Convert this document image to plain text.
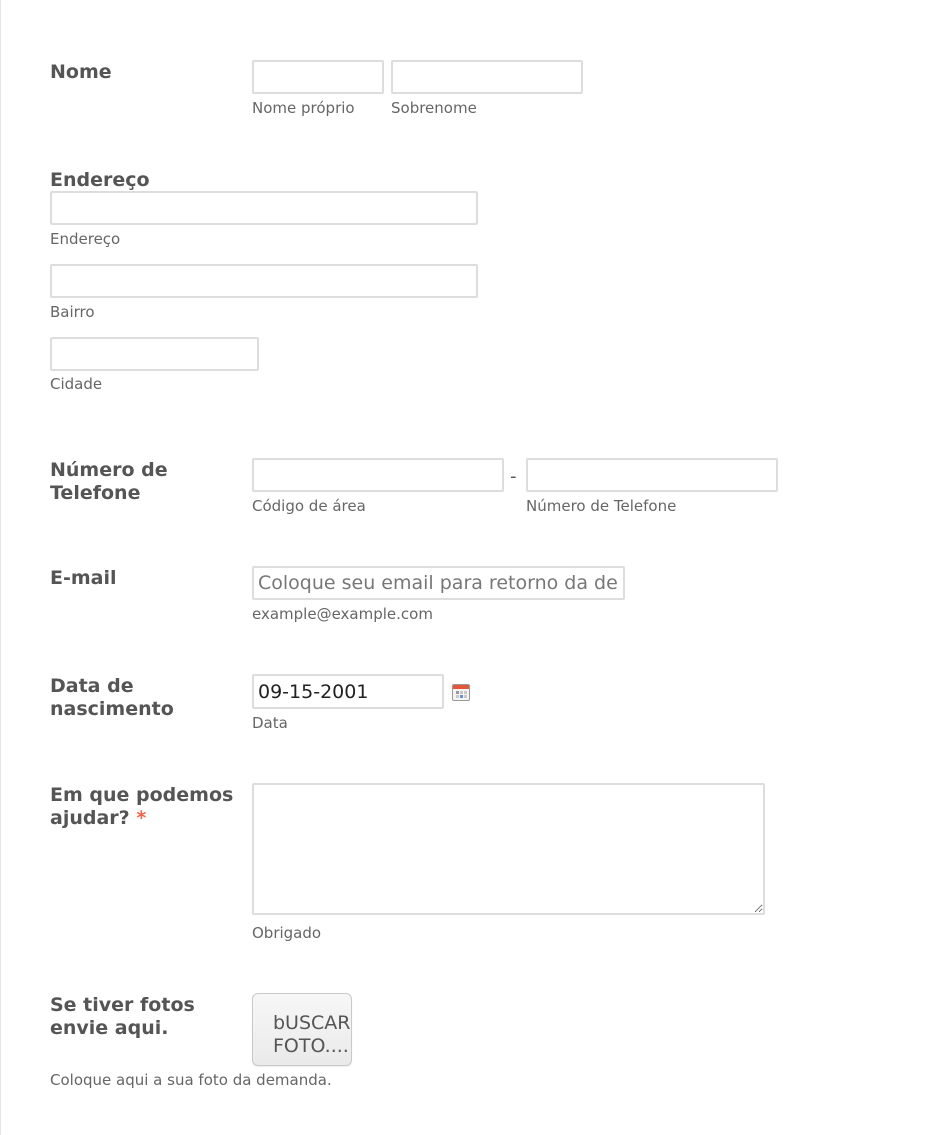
Nome
Nome próprio Sobrenome
Endereço
Endereço
Bairro
Cidade
Número de
Telefone
-
Código de área	Número de Telefone
E-mail
Coloque seu email para retorno da demanda
example@example.com
Data de
nascimento
09-15-2001
Data
Em que podemos
ajudar? *
Obrigado
Se tiver fotos
envie aqui.	bUSCAR
FOTO....
Coloque aqui a sua foto da demanda.
